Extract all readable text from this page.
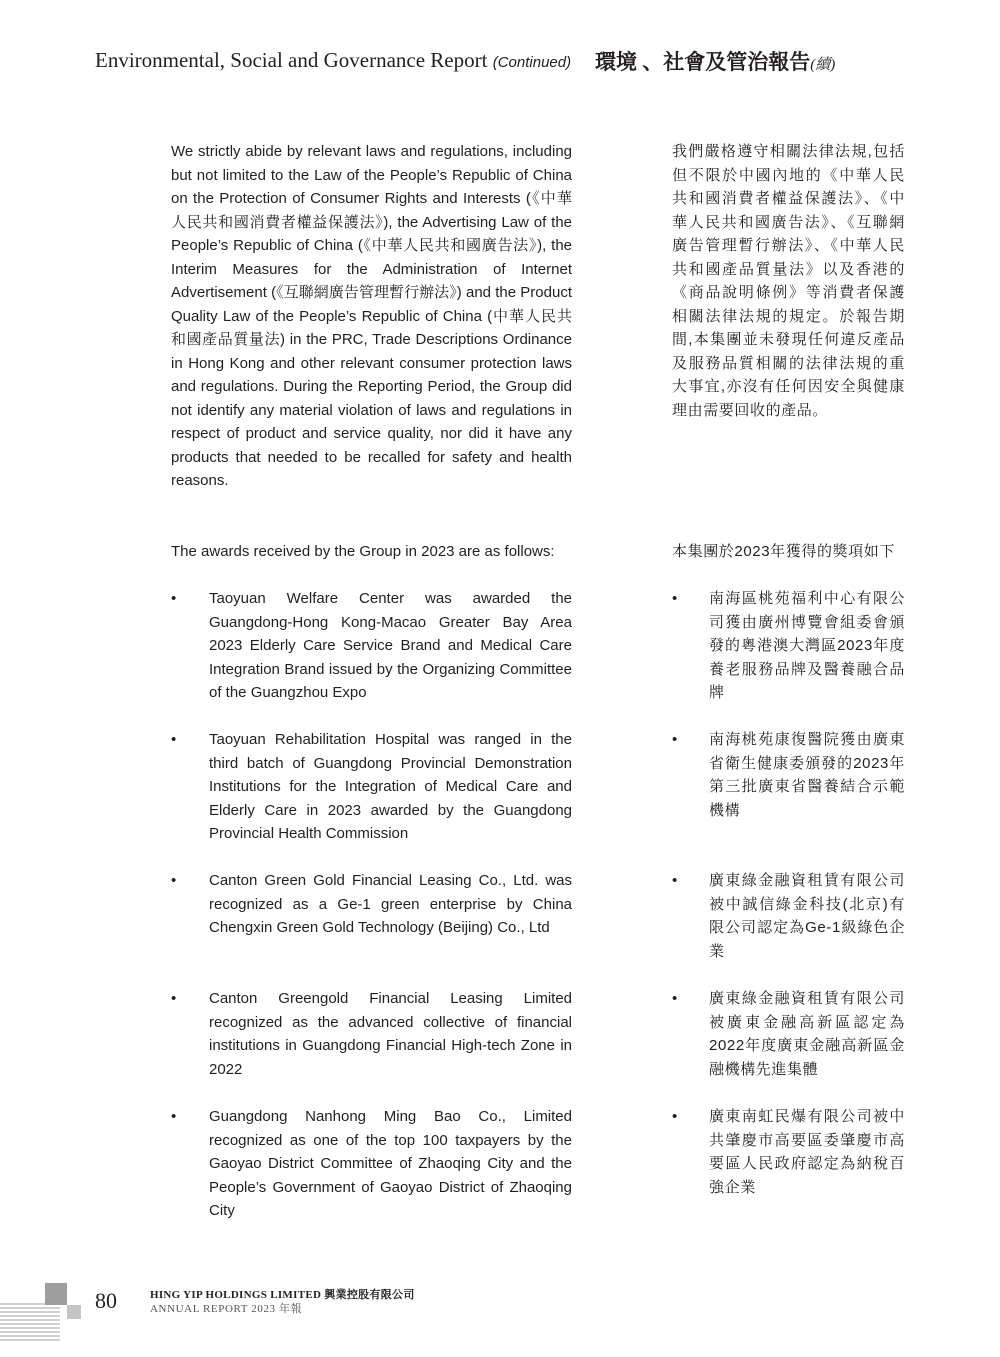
Environmental, Social and Governance Report (Continued) 環境 、社會及管治報告(續)

We strictly abide by relevant laws and regulations, including but not limited to the Law of the People’s Republic of China on the Protection of Consumer Rights and Interests (《中華人民共和國消費者權益保護法》), the Advertising Law of the People’s Republic of China (《中華人民共和國廣告法》), the Interim Measures for the Administration of Internet Advertisement (《互聯網廣告管理暫行辦法》) and the Product Quality Law of the People’s Republic of China (中華人民共和國產品質量法) in the PRC, Trade Descriptions Ordinance in Hong Kong and other relevant consumer protection laws and regulations. During the Reporting Period, the Group did not identify any material violation of laws and regulations in respect of product and service quality, nor did it have any products that needed to be recalled for safety and health reasons.

我們嚴格遵守相關法律法規,包括但不限於中國內地的《中華人民共和國消費者權益保護法》、《中華人民共和國廣告法》、《互聯網廣告管理暫行辦法》、《中華人民共和國產品質量法》以及香港的《商品說明條例》等消費者保護相關法律法規的規定。於報告期間,本集團並未發現任何違反產品及服務品質相關的法律法規的重大事宜,亦沒有任何因安全與健康理由需要回收的產品。

The awards received by the Group in 2023 are as follows:	本集團於2023年獲得的獎項如下

• Taoyuan Welfare Center was awarded the Guangdong-Hong Kong-Macao Greater Bay Area 2023 Elderly Care Service Brand and Medical Care Integration Brand issued by the Organizing Committee of the Guangzhou Expo
• 南海區桃苑福利中心有限公司獲由廣州博覽會組委會頒發的粵港澳大灣區2023年度養老服務品牌及醫養融合品牌
• Taoyuan Rehabilitation Hospital was ranged in the third batch of Guangdong Provincial Demonstration Institutions for the Integration of Medical Care and Elderly Care in 2023 awarded by the Guangdong Provincial Health Commission
• 南海桃苑康復醫院獲由廣東省衛生健康委頒發的2023年第三批廣東省醫養結合示範機構
• Canton Green Gold Financial Leasing Co., Ltd. was recognized as a Ge-1 green enterprise by China Chengxin Green Gold Technology (Beijing) Co., Ltd
• 廣東綠金融資租賃有限公司被中誠信綠金科技(北京)有限公司認定為Ge-1級綠色企業
• Canton Greengold Financial Leasing Limited recognized as the advanced collective of financial institutions in Guangdong Financial High-tech Zone in 2022
• 廣東綠金融資租賃有限公司被廣東金融高新區認定為2022年度廣東金融高新區金融機構先進集體
• Guangdong Nanhong Ming Bao Co., Limited recognized as one of the top 100 taxpayers by the Gaoyao District Committee of Zhaoqing City and the People’s Government of Gaoyao District of Zhaoqing City
• 廣東南虹民爆有限公司被中共肇慶市高要區委肇慶市高要區人民政府認定為納稅百強企業
80	HING YIP HOLDINGS LIMITED 興業控股有限公司
ANNUAL REPORT 2023 年報
